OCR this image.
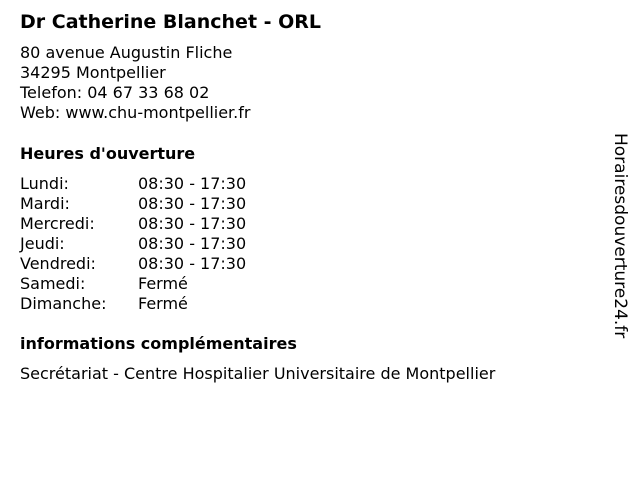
Dr Catherine Blanchet - ORL
80 avenue Augustin Fliche
34295 Montpellier
Telefon: 04 67 33 68 02
Web: www.chu-montpellier.fr
Heures d'ouverture
Lundi:	08:30 - 17:30
Mardi:	08:30 - 17:30
Mercredi:	08:30 - 17:30
Jeudi:	08:30 - 17:30
Vendredi:	08:30 - 17:30
Samedi:	Fermé
Dimanche: Fermé
informations complémentaires
Secrétariat - Centre Hospitalier Universitaire de Montpellier
Horairesdouverture24.fr
